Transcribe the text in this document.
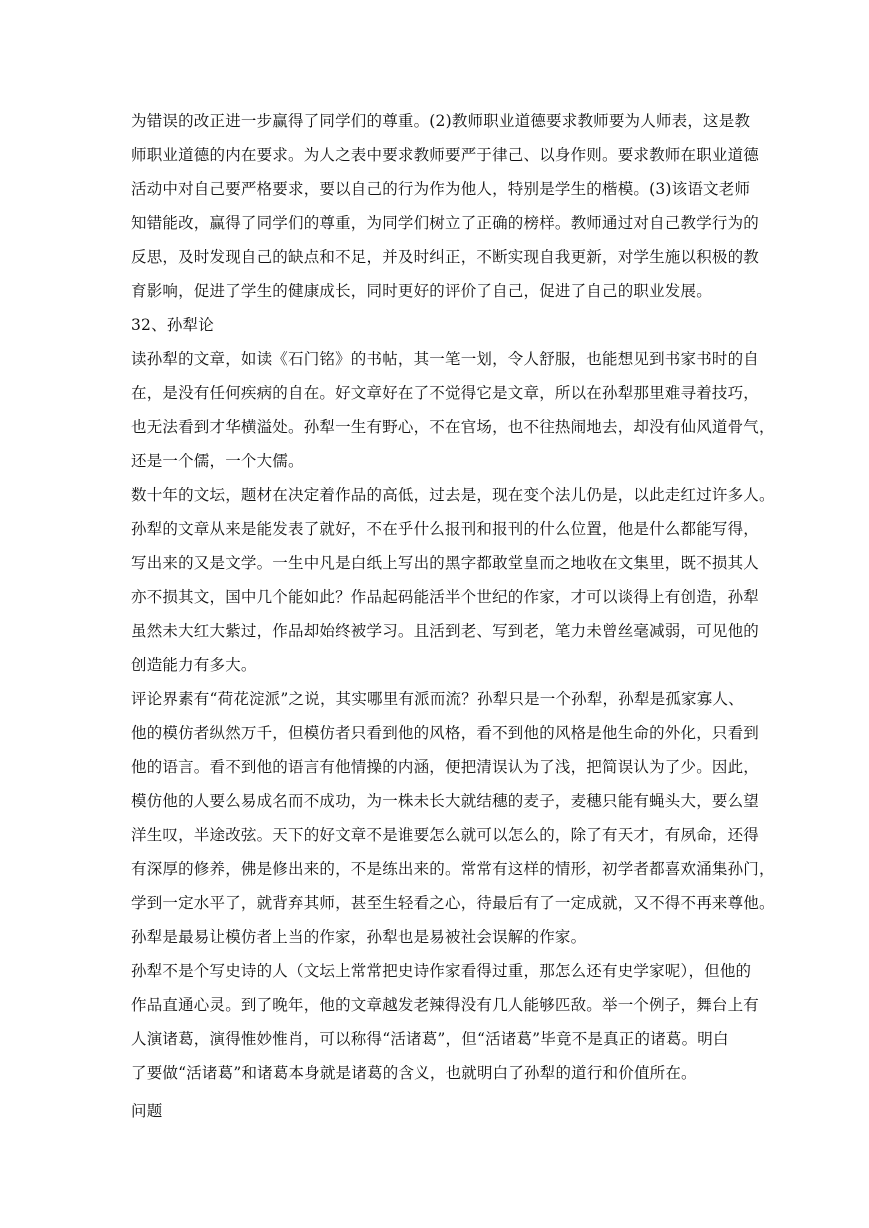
为错误的改正进一步赢得了同学们的尊重。(2)教师职业道德要求教师要为人师表，这是教
师职业道德的内在要求。为人之表中要求教师要严于律己、以身作则。要求教师在职业道德
活动中对自己要严格要求，要以自己的行为作为他人，特别是学生的楷模。(3)该语文老师
知错能改，赢得了同学们的尊重，为同学们树立了正确的榜样。教师通过对自己教学行为的
反思，及时发现自己的缺点和不足，并及时纠正，不断实现自我更新，对学生施以积极的教
育影响，促进了学生的健康成长，同时更好的评价了自己，促进了自己的职业发展。
32、孙犁论
读孙犁的文章，如读《石门铭》的书帖，其一笔一划，令人舒服，也能想见到书家书时的自
在，是没有任何疾病的自在。好文章好在了不觉得它是文章，所以在孙犁那里难寻着技巧，
也无法看到才华横溢处。孙犁一生有野心，不在官场，也不往热闹地去，却没有仙风道骨气，
还是一个儒，一个大儒。
数十年的文坛，题材在决定着作品的高低，过去是，现在变个法儿仍是，以此走红过许多人。
孙犁的文章从来是能发表了就好，不在乎什么报刊和报刊的什么位置，他是什么都能写得，
写出来的又是文学。一生中凡是白纸上写出的黑字都敢堂皇而之地收在文集里，既不损其人
亦不损其文，国中几个能如此？作品起码能活半个世纪的作家，才可以谈得上有创造，孙犁
虽然未大红大紫过，作品却始终被学习。且活到老、写到老，笔力未曾丝毫减弱，可见他的
创造能力有多大。
评论界素有“荷花淀派”之说，其实哪里有派而流？孙犁只是一个孙犁，孙犁是孤家寡人、
他的模仿者纵然万千，但模仿者只看到他的风格，看不到他的风格是他生命的外化，只看到
他的语言。看不到他的语言有他情操的内涵，便把清误认为了浅，把简误认为了少。因此，
模仿他的人要么易成名而不成功，为一株未长大就结穗的麦子，麦穗只能有蝇头大，要么望
洋生叹，半途改弦。天下的好文章不是谁要怎么就可以怎么的，除了有天才，有夙命，还得
有深厚的修养，佛是修出来的，不是练出来的。常常有这样的情形，初学者都喜欢涌集孙门，
学到一定水平了，就背弃其师，甚至生轻看之心，待最后有了一定成就，又不得不再来尊他。
孙犁是最易让模仿者上当的作家，孙犁也是易被社会误解的作家。
孙犁不是个写史诗的人（文坛上常常把史诗作家看得过重，那怎么还有史学家呢），但他的
作品直通心灵。到了晚年，他的文章越发老辣得没有几人能够匹敌。举一个例子，舞台上有
人演诸葛，演得惟妙惟肖，可以称得“活诸葛”，但“活诸葛”毕竟不是真正的诸葛。明白
了要做“活诸葛”和诸葛本身就是诸葛的含义，也就明白了孙犁的道行和价值所在。
问题
